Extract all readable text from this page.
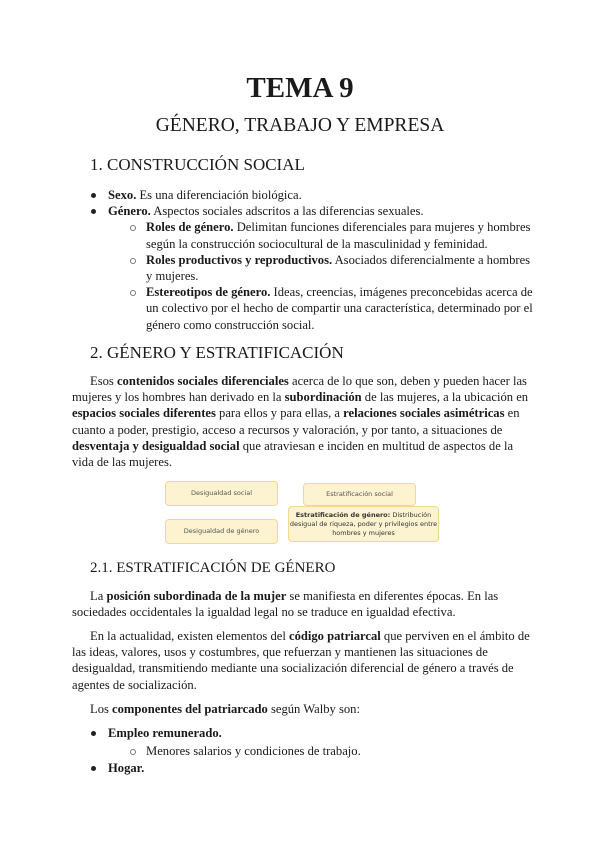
TEMA 9
GÉNERO, TRABAJO Y EMPRESA
1. CONSTRUCCIÓN SOCIAL
Sexo. Es una diferenciación biológica.
Género. Aspectos sociales adscritos a las diferencias sexuales.
Roles de género. Delimitan funciones diferenciales para mujeres y hombres según la construcción sociocultural de la masculinidad y feminidad.
Roles productivos y reproductivos. Asociados diferencialmente a hombres y mujeres.
Estereotipos de género. Ideas, creencias, imágenes preconcebidas acerca de un colectivo por el hecho de compartir una característica, determinado por el género como construcción social.
2. GÉNERO Y ESTRATIFICACIÓN

Esos contenidos sociales diferenciales acerca de lo que son, deben y pueden hacer las mujeres y los hombres han derivado en la subordinación de las mujeres, a la ubicación en espacios sociales diferentes para ellos y para ellas, a relaciones sociales asimétricas en cuanto a poder, prestigio, acceso a recursos y valoración, y por tanto, a situaciones de desventaja y desigualdad social que atraviesan e inciden en multitud de aspectos de la vida de las mujeres.

Desigualdad social	Estratificación social
Estratificación de género: Distribución desigual de riqueza, poder y privilegios entre hombres y mujeres
Desigualdad de género
2.1. ESTRATIFICACIÓN DE GÉNERO

La posición subordinada de la mujer se manifiesta en diferentes épocas. En las sociedades occidentales la igualdad legal no se traduce en igualdad efectiva.

En la actualidad, existen elementos del código patriarcal que perviven en el ámbito de las ideas, valores, usos y costumbres, que refuerzan y mantienen las situaciones de desigualdad, transmitiendo mediante una socialización diferencial de género a través de agentes de socialización.

Los componentes del patriarcado según Walby son:

Empleo remunerado.
Menores salarios y condiciones de trabajo.
Hogar.
